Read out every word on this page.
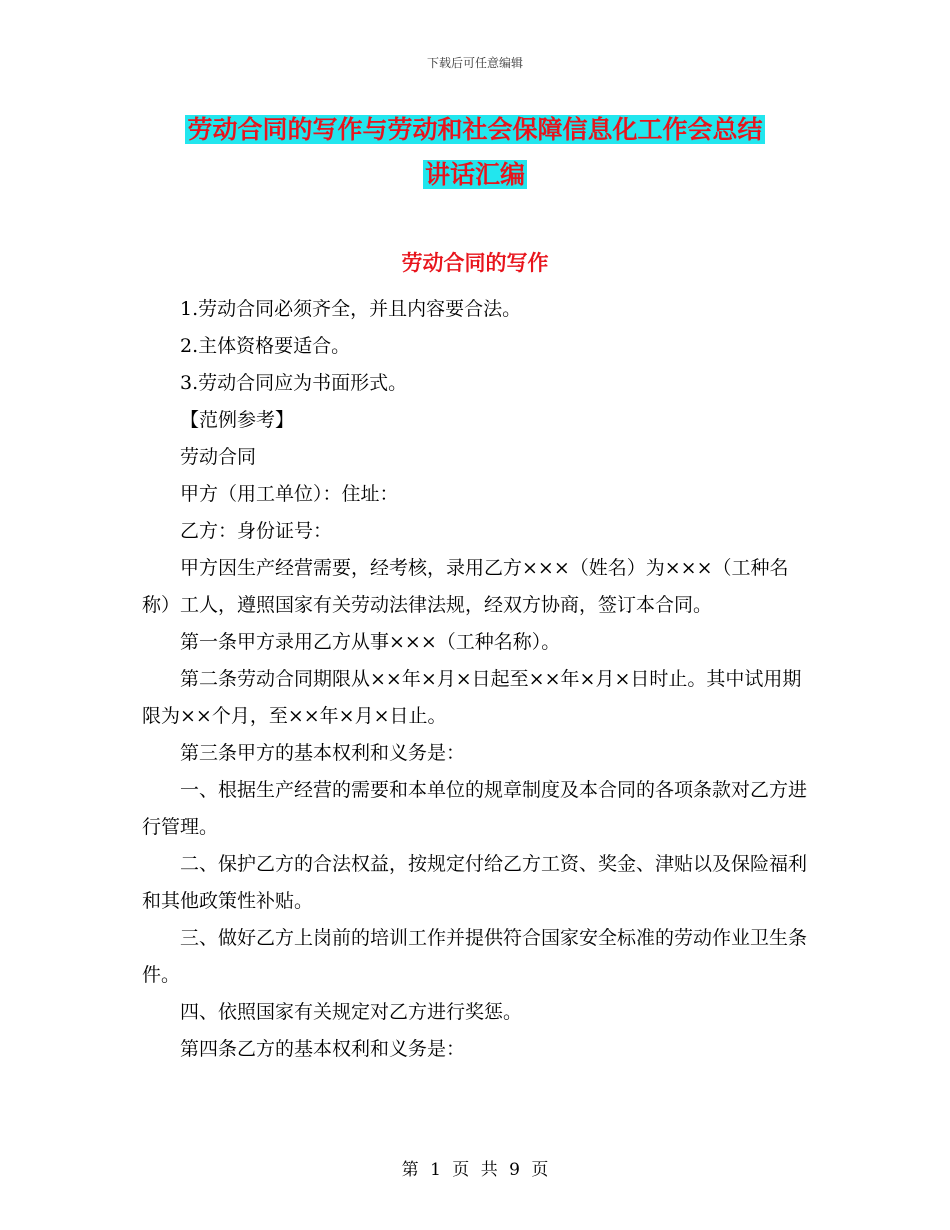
下载后可任意编辑
劳动合同的写作与劳动和社会保障信息化工作会总结
讲话汇编
劳动合同的写作

1.劳动合同必须齐全，并且内容要合法。

2.主体资格要适合。

3.劳动合同应为书面形式。

【范例参考】

劳动合同

甲方（用工单位）：住址：

乙方：身份证号：

甲方因生产经营需要，经考核，录用乙方×××（姓名）为×××（工种名称）工人，遵照国家有关劳动法律法规，经双方协商，签订本合同。

第一条甲方录用乙方从事×××（工种名称）。

第二条劳动合同期限从××年×月×日起至××年×月×日时止。其中试用期限为××个月，至××年×月×日止。

第三条甲方的基本权利和义务是：

一、根据生产经营的需要和本单位的规章制度及本合同的各项条款对乙方进行管理。

二、保护乙方的合法权益，按规定付给乙方工资、奖金、津贴以及保险福利和其他政策性补贴。

三、做好乙方上岗前的培训工作并提供符合国家安全标准的劳动作业卫生条件。

四、依照国家有关规定对乙方进行奖惩。

第四条乙方的基本权利和义务是：

第 1 页 共 9 页
